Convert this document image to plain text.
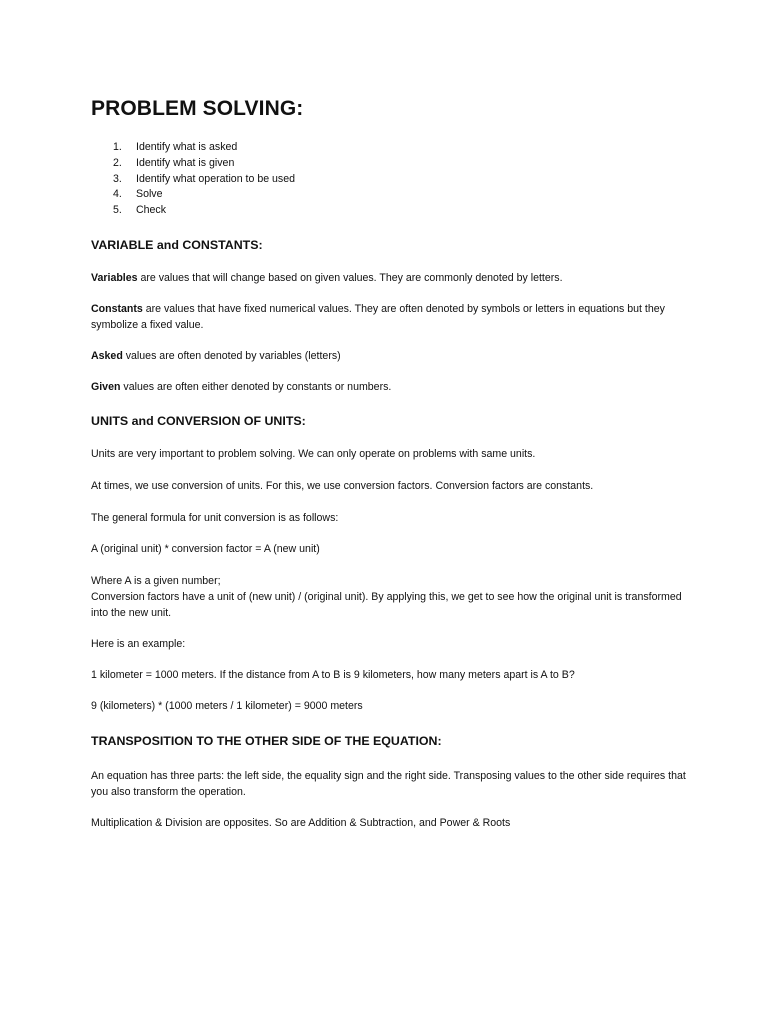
PROBLEM SOLVING:
1. Identify what is asked
2. Identify what is given
3. Identify what operation to be used
4. Solve
5. Check
VARIABLE and CONSTANTS:

Variables are values that will change based on given values. They are commonly denoted by letters.

Constants are values that have fixed numerical values. They are often denoted by symbols or letters in equations but they symbolize a fixed value.

Asked values are often denoted by variables (letters)

Given values are often either denoted by constants or numbers.

UNITS and CONVERSION OF UNITS:

Units are very important to problem solving. We can only operate on problems with same units.

At times, we use conversion of units. For this, we use conversion factors. Conversion factors are constants.

The general formula for unit conversion is as follows:

A (original unit) * conversion factor = A (new unit)

Where A is a given number;

Conversion factors have a unit of (new unit) / (original unit). By applying this, we get to see how the original unit is transformed into the new unit.

Here is an example:

1 kilometer = 1000 meters. If the distance from A to B is 9 kilometers, how many meters apart is A to B?

9 (kilometers) * (1000 meters / 1 kilometer) = 9000 meters

TRANSPOSITION TO THE OTHER SIDE OF THE EQUATION:

An equation has three parts: the left side, the equality sign and the right side. Transposing values to the other side requires that you also transform the operation.

Multiplication & Division are opposites. So are Addition & Subtraction, and Power & Roots
